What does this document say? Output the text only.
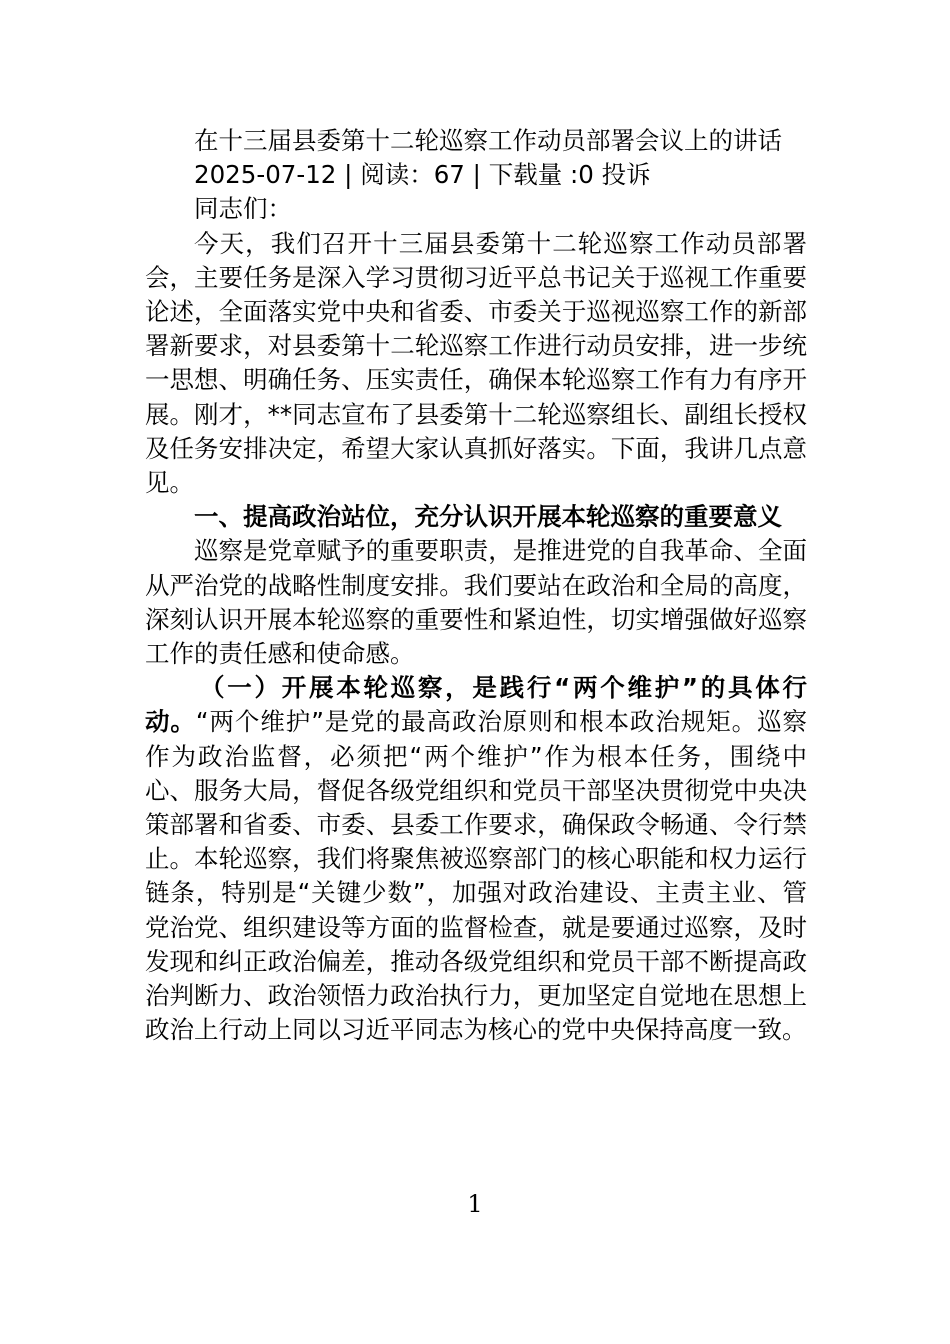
在十三届县委第十二轮巡察工作动员部署会议上的讲话

2025-07-12 | 阅读：67 | 下载量 :0 投诉

同志们：

今天，我们召开十三届县委第十二轮巡察工作动员部署会，主要任务是深入学习贯彻习近平总书记关于巡视工作重要论述，全面落实党中央和省委、市委关于巡视巡察工作的新部署新要求，对县委第十二轮巡察工作进行动员安排，进一步统一思想、明确任务、压实责任，确保本轮巡察工作有力有序开展。刚才，**同志宣布了县委第十二轮巡察组长、副组长授权及任务安排决定，希望大家认真抓好落实。下面，我讲几点意见。

一、提高政治站位，充分认识开展本轮巡察的重要意义

巡察是党章赋予的重要职责，是推进党的自我革命、全面从严治党的战略性制度安排。我们要站在政治和全局的高度，深刻认识开展本轮巡察的重要性和紧迫性，切实增强做好巡察工作的责任感和使命感。

（一）开展本轮巡察，是践行“两个维护”的具体行动。“两个维护”是党的最高政治原则和根本政治规矩。巡察作为政治监督，必须把“两个维护”作为根本任务，围绕中心、服务大局，督促各级党组织和党员干部坚决贯彻党中央决策部署和省委、市委、县委工作要求，确保政令畅通、令行禁止。本轮巡察，我们将聚焦被巡察部门的核心职能和权力运行链条，特别是“关键少数”，加强对政治建设、主责主业、管党治党、组织建设等方面的监督检查，就是要通过巡察，及时发现和纠正政治偏差，推动各级党组织和党员干部不断提高政治判断力、政治领悟力政治执行力，更加坚定自觉地在思想上政治上行动上同以习近平同志为核心的党中央保持高度一致。

1
